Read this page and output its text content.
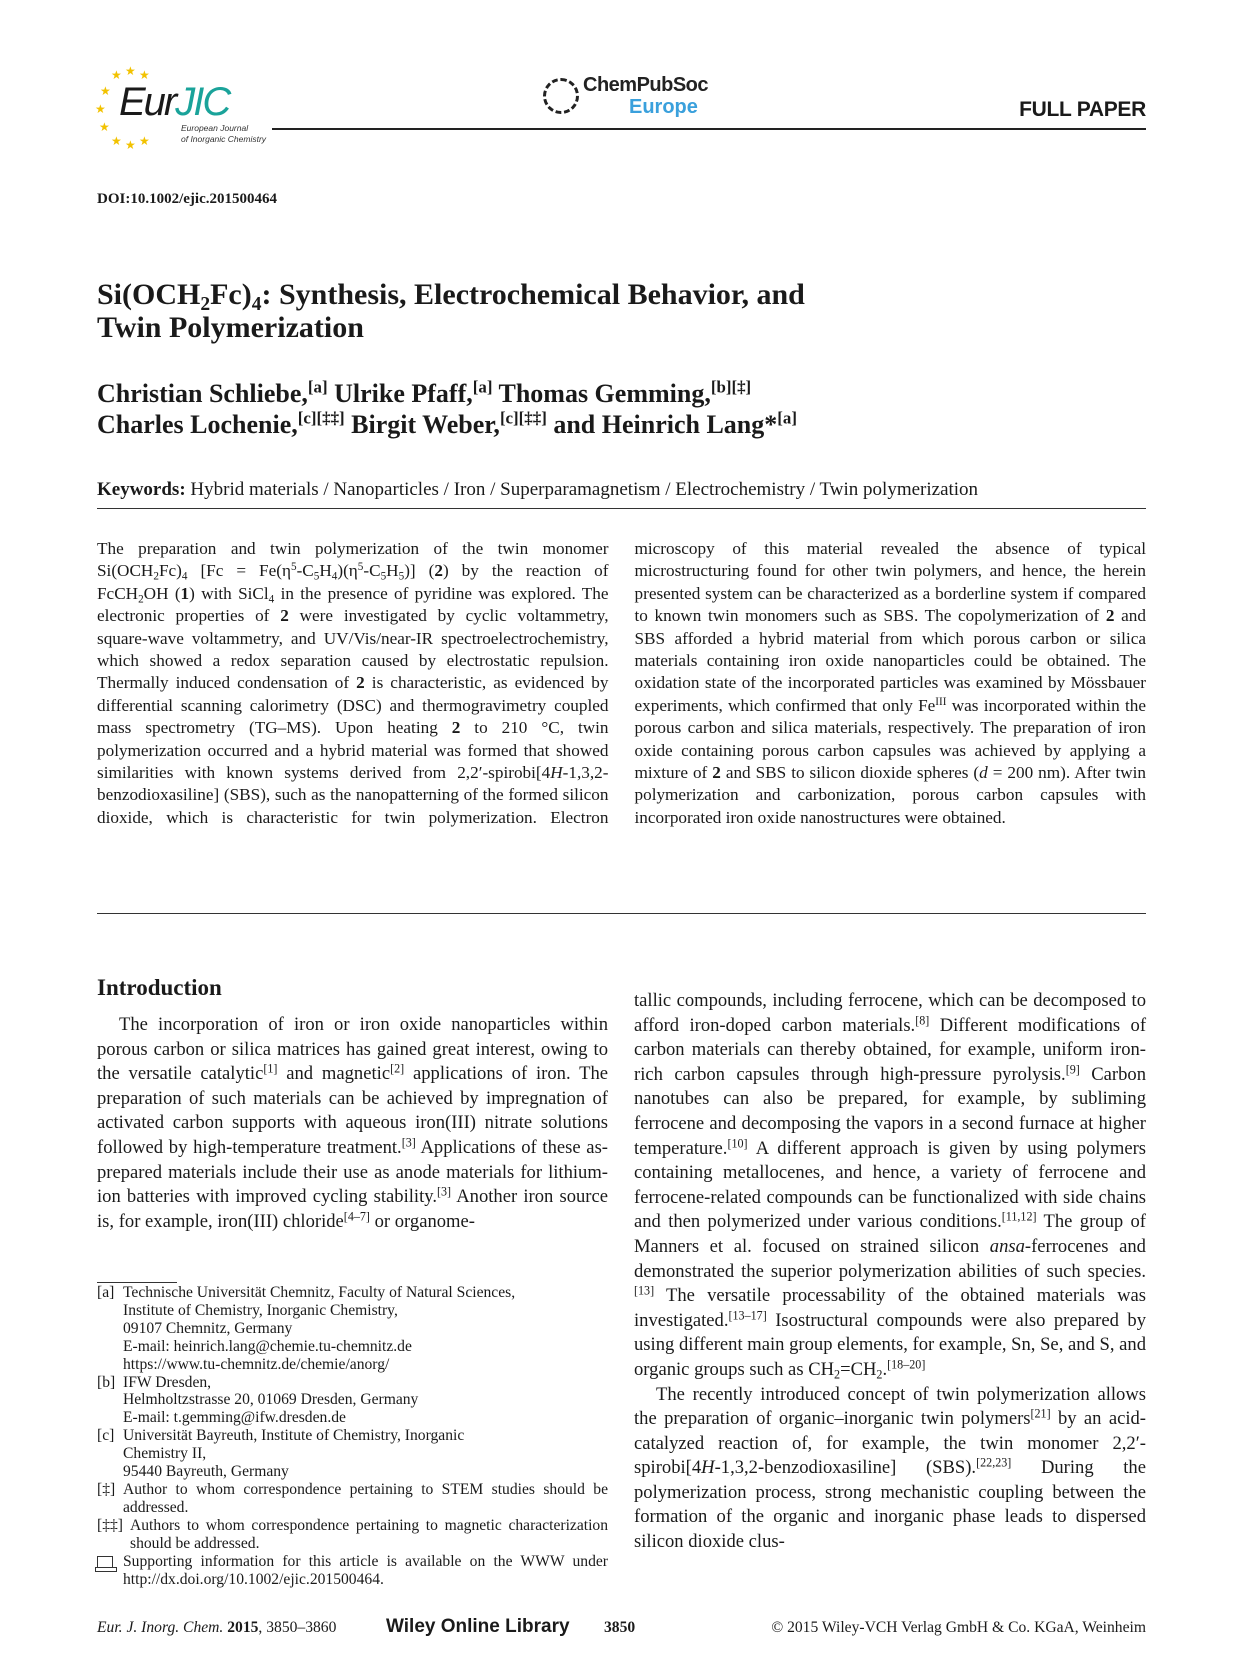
★ ★ ★
★
★
★
★ ★ ★
EurJIC
European Journal
of Inorganic Chemistry
ChemPubSoc
Europe	FULL PAPER
DOI:10.1002/ejic.201500464
$Si(OCH_2Fc)_4$: Synthesis, Electrochemical Behavior, and
Twin Polymerization
Christian Schliebe,[a] Ulrike Pfaff,[a] Thomas Gemming,[b][‡]
Charles Lochenie,[c][‡‡] Birgit Weber,[c][‡‡] and Heinrich Lang*[a]
Keywords: Hybrid materials / Nanoparticles / Iron / Superparamagnetism / Electrochemistry / Twin polymerization
The preparation and twin polymerization of the twin monomer $Si(OCH_2Fc)_4$ $[Fc = Fe(\eta^5-C_5H_4)(\eta^5-C_5H_5)]$ (2) by the reaction of FcCH$_2$OH (1) with SiCl$_4$ in the presence of pyridine was explored. The electronic properties of 2 were investigated by cyclic voltammetry, square-wave voltammetry, and UV/Vis/near-IR spectroelectrochemistry, which showed a redox separation caused by electrostatic repulsion. Thermally induced condensation of 2 is characteristic, as evidenced by differential scanning calorimetry (DSC) and thermogravimetry coupled mass spectrometry (TG–MS). Upon heating 2 to 210 °C, twin polymerization occurred and a hybrid material was formed that showed similarities with known systems derived from 2,2′-spirobi[4H-1,3,2-benzodioxasiline] (SBS), such as the nanopatterning of the formed silicon dioxide, which is characteristic for twin polymerization. Electron microscopy of this material revealed the absence of typical microstructuring found for other twin polymers, and hence, the herein presented system can be characterized as a borderline system if compared to known twin monomers such as SBS. The copolymerization of 2 and SBS afforded a hybrid material from which porous carbon or silica materials containing iron oxide nanoparticles could be obtained. The oxidation state of the incorporated particles was examined by Mössbauer experiments, which confirmed that only $Fe^{III}$ was incorporated within the porous carbon and silica materials, respectively. The preparation of iron oxide containing porous carbon capsules was achieved by applying a mixture of 2 and SBS to silicon dioxide spheres (d = 200 nm). After twin polymerization and carbonization, porous carbon capsules with incorporated iron oxide nanostructures were obtained.
Introduction

The incorporation of iron or iron oxide nanoparticles within porous carbon or silica matrices has gained great interest, owing to the versatile catalytic[1] and magnetic[2] applications of iron. The preparation of such materials can be achieved by impregnation of activated carbon supports with aqueous iron(III) nitrate solutions followed by high-temperature treatment.[3] Applications of these as-prepared materials include their use as anode materials for lithium-ion batteries with improved cycling stability.[3] Another iron source is, for example, iron(III) chloride[4–7] or organome-

tallic compounds, including ferrocene, which can be decomposed to afford iron-doped carbon materials.[8] Different modifications of carbon materials can thereby obtained, for example, uniform iron-rich carbon capsules through high-pressure pyrolysis.[9] Carbon nanotubes can also be prepared, for example, by subliming ferrocene and decomposing the vapors in a second furnace at higher temperature.[10] A different approach is given by using polymers containing metallocenes, and hence, a variety of ferrocene and ferrocene-related compounds can be functionalized with side chains and then polymerized under various conditions.[11,12] The group of Manners et al. focused on strained silicon ansa-ferrocenes and demonstrated the superior polymerization abilities of such species.[13] The versatile processability of the obtained materials was investigated.[13–17] Isostructural compounds were also prepared by using different main group elements, for example, Sn, Se, and S, and organic groups such as $CH_2=CH_2.[18-20]$

The recently introduced concept of twin polymerization allows the preparation of organic–inorganic twin polymers[21] by an acid-catalyzed reaction of, for example, the twin monomer 2,2′-spirobi[4H-1,3,2-benzodioxasiline] (SBS).[22,23] During the polymerization process, strong mechanistic coupling between the formation of the organic and inorganic phase leads to dispersed silicon dioxide clus-

[a] Technische Universität Chemnitz, Faculty of Natural Sciences,
Institute of Chemistry, Inorganic Chemistry,
09107 Chemnitz, Germany
E-mail: heinrich.lang@chemie.tu-chemnitz.de
https://www.tu-chemnitz.de/chemie/anorg/
[b] IFW Dresden,
Helmholtzstrasse 20, 01069 Dresden, Germany
E-mail: t.gemming@ifw.dresden.de
[c] Universität Bayreuth, Institute of Chemistry, Inorganic
Chemistry II,
95440 Bayreuth, Germany
[‡] Author to whom correspondence pertaining to STEM studies should be addressed.
[‡‡] Authors to whom correspondence pertaining to magnetic characterization should be addressed.
Supporting information for this article is available on the WWW under http://dx.doi.org/10.1002/ejic.201500464.
Eur. J. Inorg. Chem. 2015, 3850–3860	Wiley Online Library 3850	© 2015 Wiley-VCH Verlag GmbH & Co. KGaA, Weinheim
